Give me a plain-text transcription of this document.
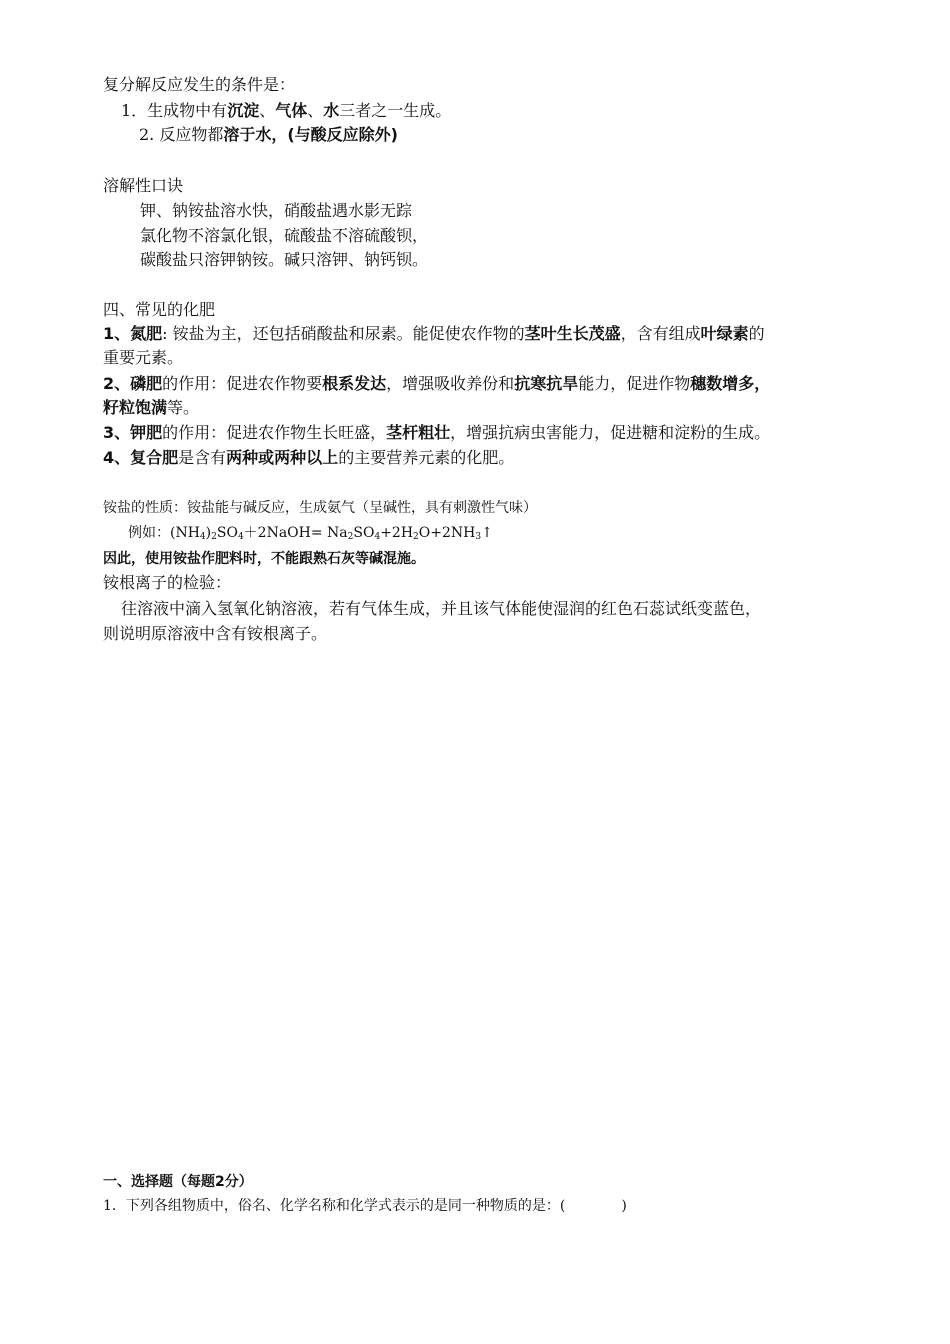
复分解反应发生的条件是：
1．生成物中有沉淀、气体、水三者之一生成。
2. 反应物都溶于水，(与酸反应除外)
溶解性口诀
钾、钠铵盐溶水快，硝酸盐遇水影无踪
氯化物不溶氯化银，硫酸盐不溶硫酸钡，
碳酸盐只溶钾钠铵。碱只溶钾、钠钙钡。
四、常见的化肥
1、氮肥: 铵盐为主，还包括硝酸盐和尿素。能促使农作物的茎叶生长茂盛，含有组成叶绿素的
重要元素。
2、磷肥的作用：促进农作物要根系发达，增强吸收养份和抗寒抗旱能力，促进作物穗数增多，
籽粒饱满等。
3、钾肥的作用：促进农作物生长旺盛，茎杆粗壮，增强抗病虫害能力，促进糖和淀粉的生成。
4、复合肥是含有两种或两种以上的主要营养元素的化肥。
铵盐的性质：铵盐能与碱反应，生成氨气（呈碱性，具有刺激性气味）
例如：$(NH_4)_2SO_4+2NaOH=$ $Na_2SO_4+2H_2O+2NH_3↑$
因此，使用铵盐作肥料时，不能跟熟石灰等碱混施。
铵根离子的检验：
往溶液中滴入氢氧化钠溶液，若有气体生成，并且该气体能使湿润的红色石蕊试纸变蓝色，
则说明原溶液中含有铵根离子。
一、选择题（每题2分）
1．下列各组物质中，俗名、化学名称和化学式表示的是同一种物质的是：(　　　　)
